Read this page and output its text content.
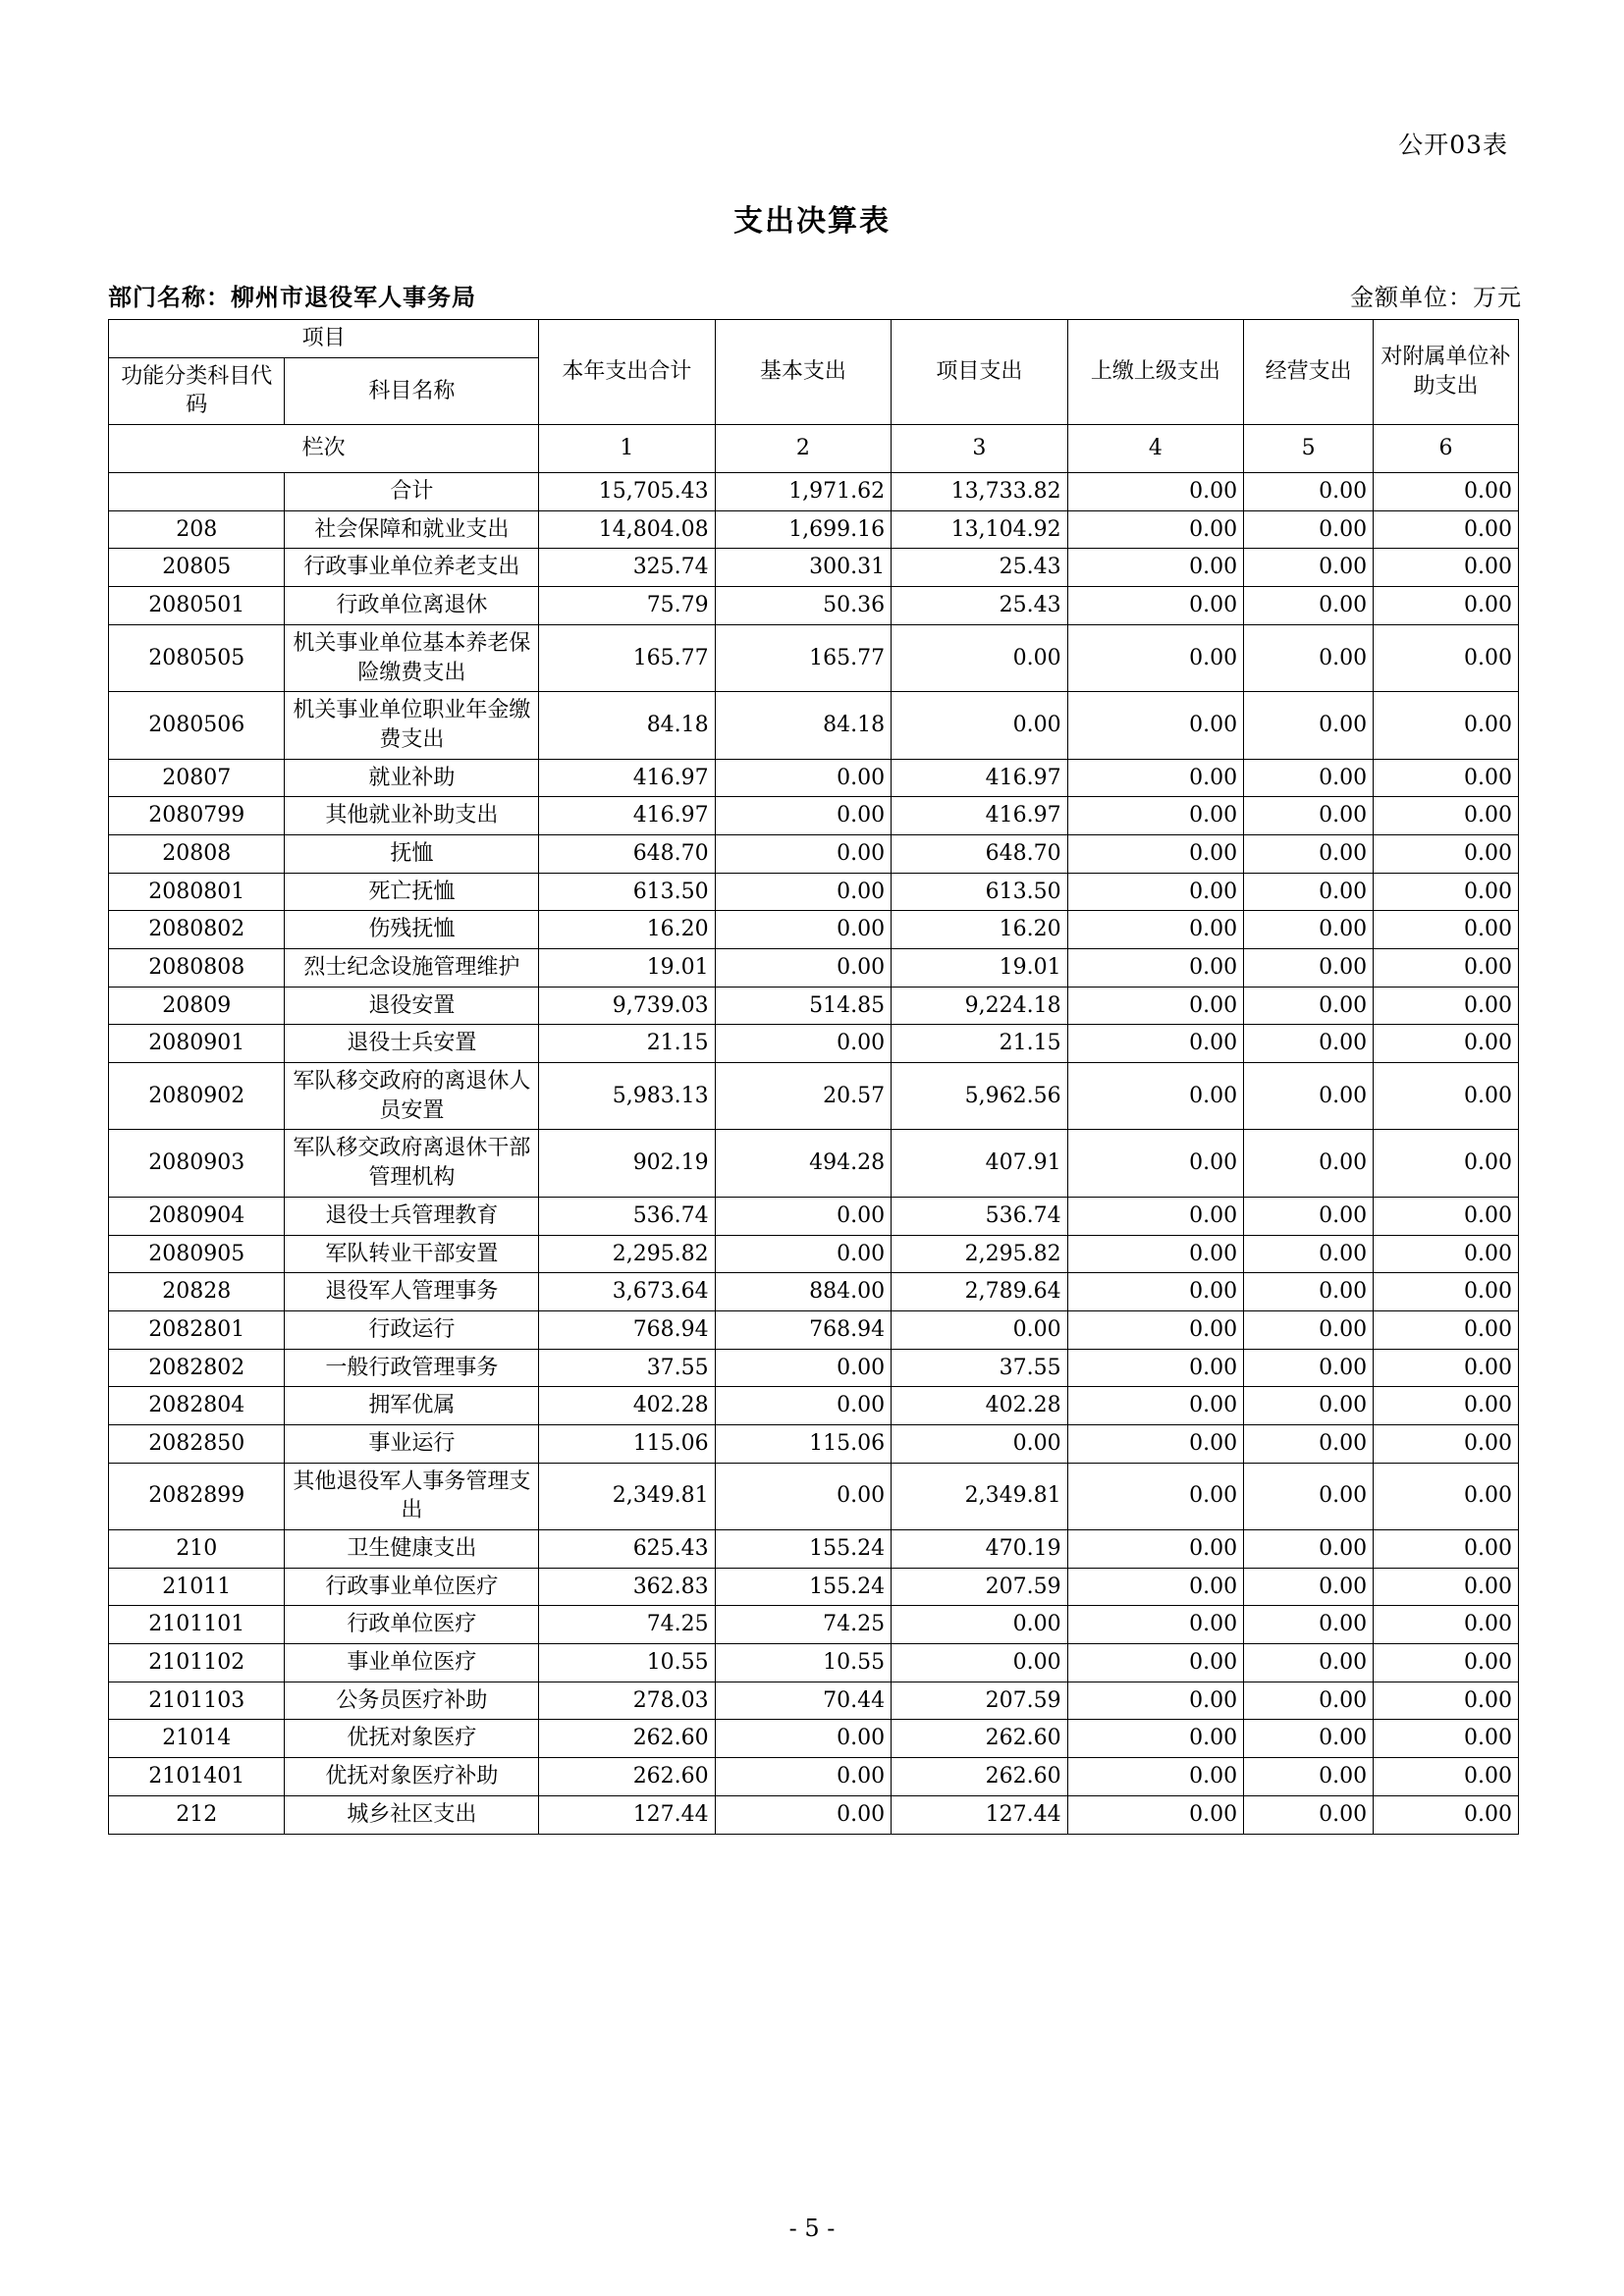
公开03表
支出决算表
部门名称：柳州市退役军人事务局	金额单位：万元
项目		本年支出合计	基本支出	项目支出	上缴上级支出	经营支出	对附属单位补助支出
功能分类科目代码	科目名称						
栏次		1	2	3	4	5	6
	合计	15,705.43	1,971.62	13,733.82	0.00	0.00	0.00
208	社会保障和就业支出	14,804.08	1,699.16	13,104.92	0.00	0.00	0.00
20805	行政事业单位养老支出	325.74	300.31	25.43	0.00	0.00	0.00
2080501	行政单位离退休	75.79	50.36	25.43	0.00	0.00	0.00
2080505	机关事业单位基本养老保险缴费支出	165.77	165.77	0.00	0.00	0.00	0.00
2080506	机关事业单位职业年金缴费支出	84.18	84.18	0.00	0.00	0.00	0.00
20807	就业补助	416.97	0.00	416.97	0.00	0.00	0.00
2080799	其他就业补助支出	416.97	0.00	416.97	0.00	0.00	0.00
20808	抚恤	648.70	0.00	648.70	0.00	0.00	0.00
2080801	死亡抚恤	613.50	0.00	613.50	0.00	0.00	0.00
2080802	伤残抚恤	16.20	0.00	16.20	0.00	0.00	0.00
2080808	烈士纪念设施管理维护	19.01	0.00	19.01	0.00	0.00	0.00
20809	退役安置	9,739.03	514.85	9,224.18	0.00	0.00	0.00
2080901	退役士兵安置	21.15	0.00	21.15	0.00	0.00	0.00
2080902	军队移交政府的离退休人员安置	5,983.13	20.57	5,962.56	0.00	0.00	0.00
2080903	军队移交政府离退休干部管理机构	902.19	494.28	407.91	0.00	0.00	0.00
2080904	退役士兵管理教育	536.74	0.00	536.74	0.00	0.00	0.00
2080905	军队转业干部安置	2,295.82	0.00	2,295.82	0.00	0.00	0.00
20828	退役军人管理事务	3,673.64	884.00	2,789.64	0.00	0.00	0.00
2082801	行政运行	768.94	768.94	0.00	0.00	0.00	0.00
2082802	一般行政管理事务	37.55	0.00	37.55	0.00	0.00	0.00
2082804	拥军优属	402.28	0.00	402.28	0.00	0.00	0.00
2082850	事业运行	115.06	115.06	0.00	0.00	0.00	0.00
2082899	其他退役军人事务管理支出	2,349.81	0.00	2,349.81	0.00	0.00	0.00
210	卫生健康支出	625.43	155.24	470.19	0.00	0.00	0.00
21011	行政事业单位医疗	362.83	155.24	207.59	0.00	0.00	0.00
2101101	行政单位医疗	74.25	74.25	0.00	0.00	0.00	0.00
2101102	事业单位医疗	10.55	10.55	0.00	0.00	0.00	0.00
2101103	公务员医疗补助	278.03	70.44	207.59	0.00	0.00	0.00
21014	优抚对象医疗	262.60	0.00	262.60	0.00	0.00	0.00
2101401	优抚对象医疗补助	262.60	0.00	262.60	0.00	0.00	0.00
212	城乡社区支出	127.44	0.00	127.44	0.00	0.00	0.00
- 5 -
